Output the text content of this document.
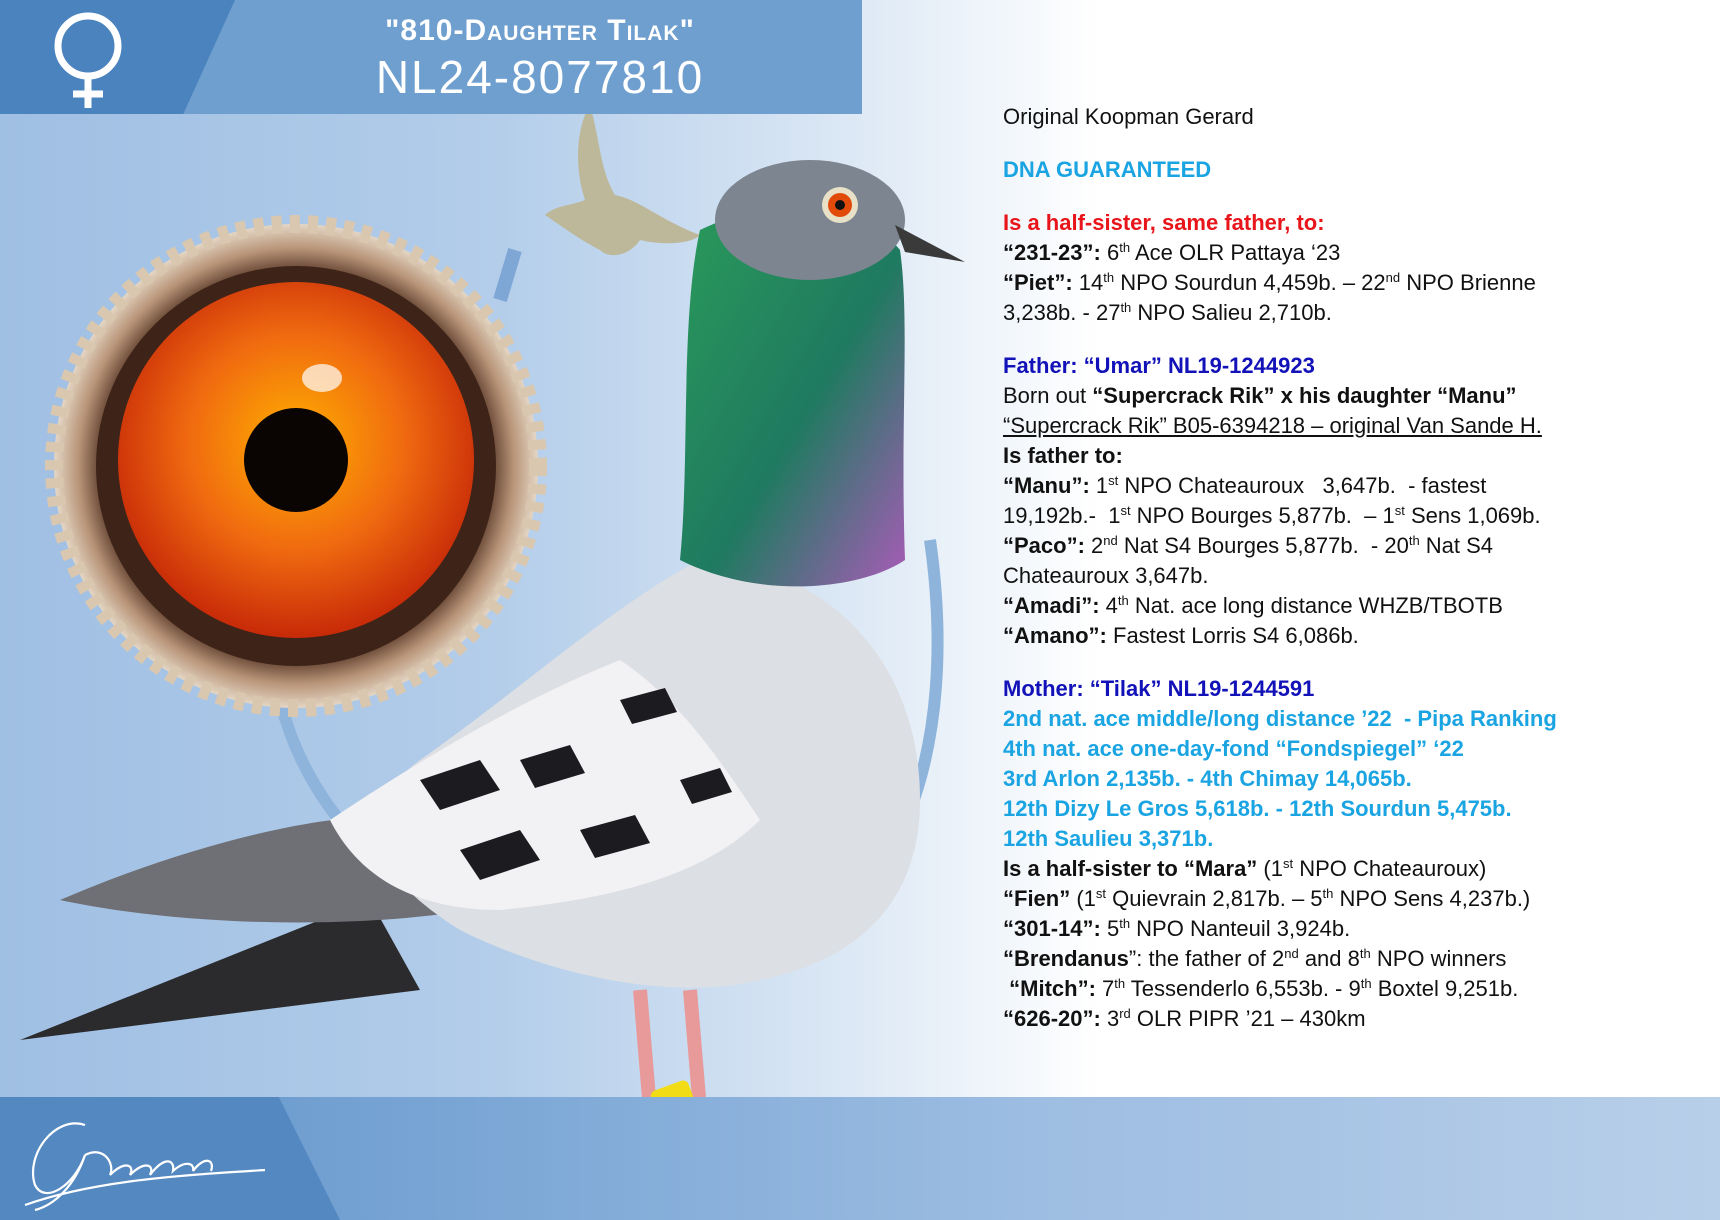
"810-Daughter Tilak"
NL24-8077810
Original Koopman Gerard
DNA GUARANTEED
Is a half-sister, same father, to:
“231-23”: 6th Ace OLR Pattaya ‘23
“Piet”: 14th NPO Sourdun 4,459b. – 22nd NPO Brienne
3,238b. - 27th NPO Salieu 2,710b.
Father: “Umar” NL19-1244923
Born out “Supercrack Rik” x his daughter “Manu”
“Supercrack Rik” B05-6394218 – original Van Sande H.
Is father to:
“Manu”: 1st NPO Chateauroux   3,647b.  - fastest
19,192b.-  1st NPO Bourges 5,877b.  – 1st Sens 1,069b.
“Paco”: 2nd Nat S4 Bourges 5,877b.  - 20th Nat S4
Chateauroux 3,647b.
“Amadi”: 4th Nat. ace long distance WHZB/TBOTB
“Amano”: Fastest Lorris S4 6,086b.
Mother: “Tilak” NL19-1244591
2nd nat. ace middle/long distance ’22  - Pipa Ranking
4th nat. ace one-day-fond “Fondspiegel” ‘22
3rd Arlon 2,135b. - 4th Chimay 14,065b.
12th Dizy Le Gros 5,618b. - 12th Sourdun 5,475b.
12th Saulieu 3,371b.
Is a half-sister to “Mara” (1st NPO Chateauroux)
“Fien” (1st Quievrain 2,817b. – 5th NPO Sens 4,237b.)
“301-14”: 5th NPO Nanteuil 3,924b.
“Brendanus”: the father of 2nd and 8th NPO winners
“Mitch”: 7th Tessenderlo 6,553b. - 9th Boxtel 9,251b.
“626-20”: 3rd OLR PIPR ’21 – 430km
